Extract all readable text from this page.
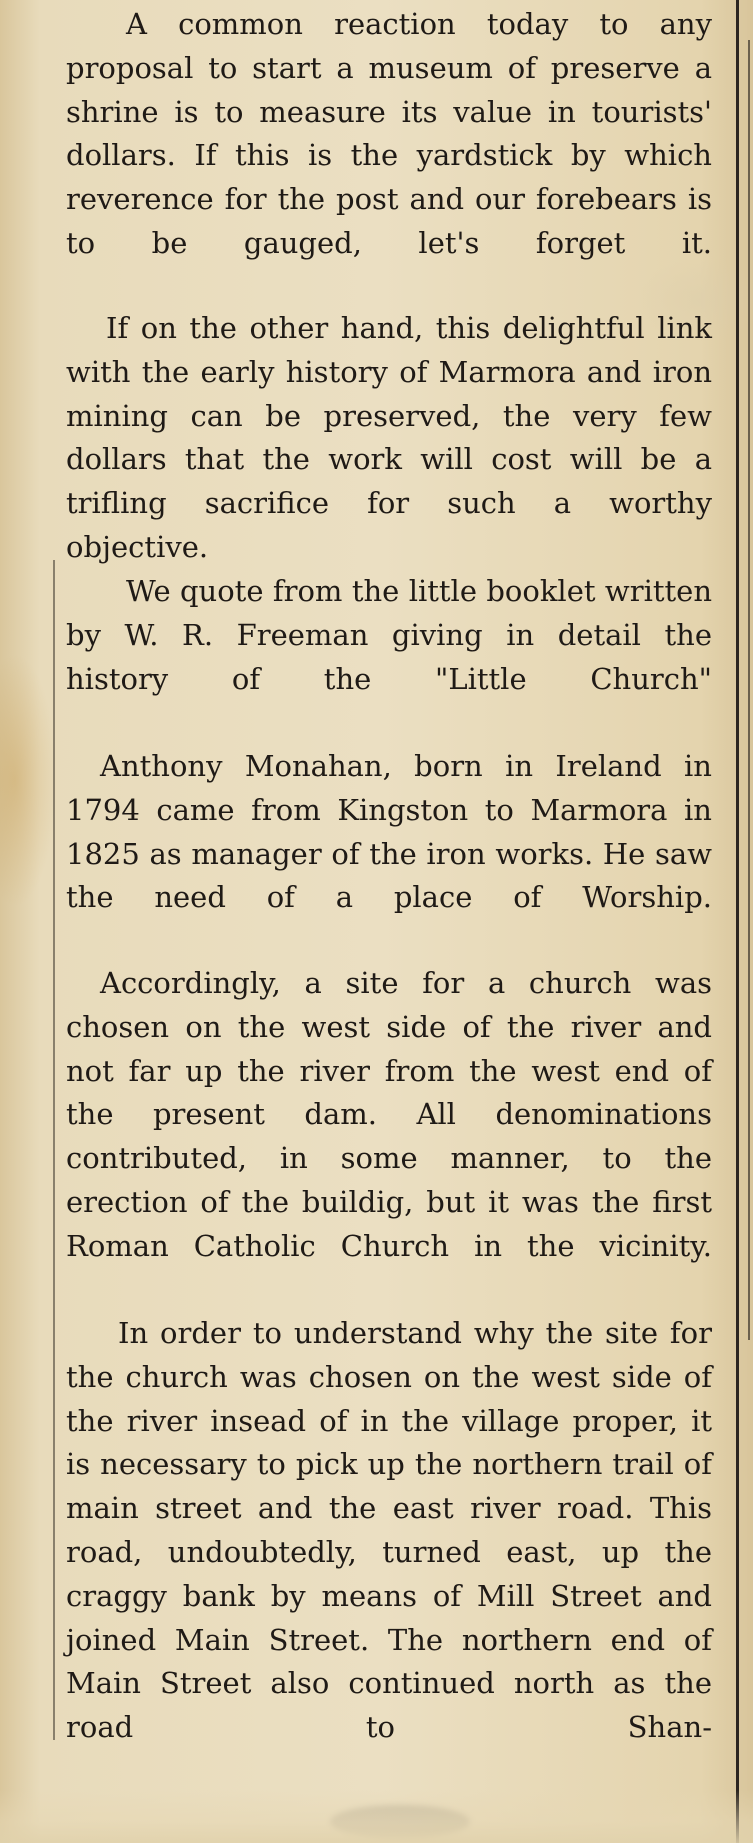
A common reaction today to any proposal to start a museum of preserve a shrine is to measure its value in tourists' dollars. If this is the yardstick by which reverence for the post and our forebears is to be gauged, let's forget it.

If on the other hand, this delightful link with the early history of Marmora and iron mining can be preserved, the very few dollars that the work will cost will be a trifling sacrifice for such a worthy objective.

We quote from the little booklet written by W. R. Freeman giving in detail the history of the "Little Church"

Anthony Monahan, born in Ireland in 1794 came from Kingston to Marmora in 1825 as manager of the iron works. He saw the need of a place of Worship.

Accordingly, a site for a church was chosen on the west side of the river and not far up the river from the west end of the present dam. All denominations contributed, in some manner, to the erection of the buildig, but it was the first Roman Catholic Church in the vicinity.

In order to understand why the site for the church was chosen on the west side of the river insead of in the village proper, it is necessary to pick up the northern trail of main street and the east river road. This road, undoubtedly, turned east, up the craggy bank by means of Mill Street and joined Main Street. The northern end of Main Street also continued north as the road to Shan-
